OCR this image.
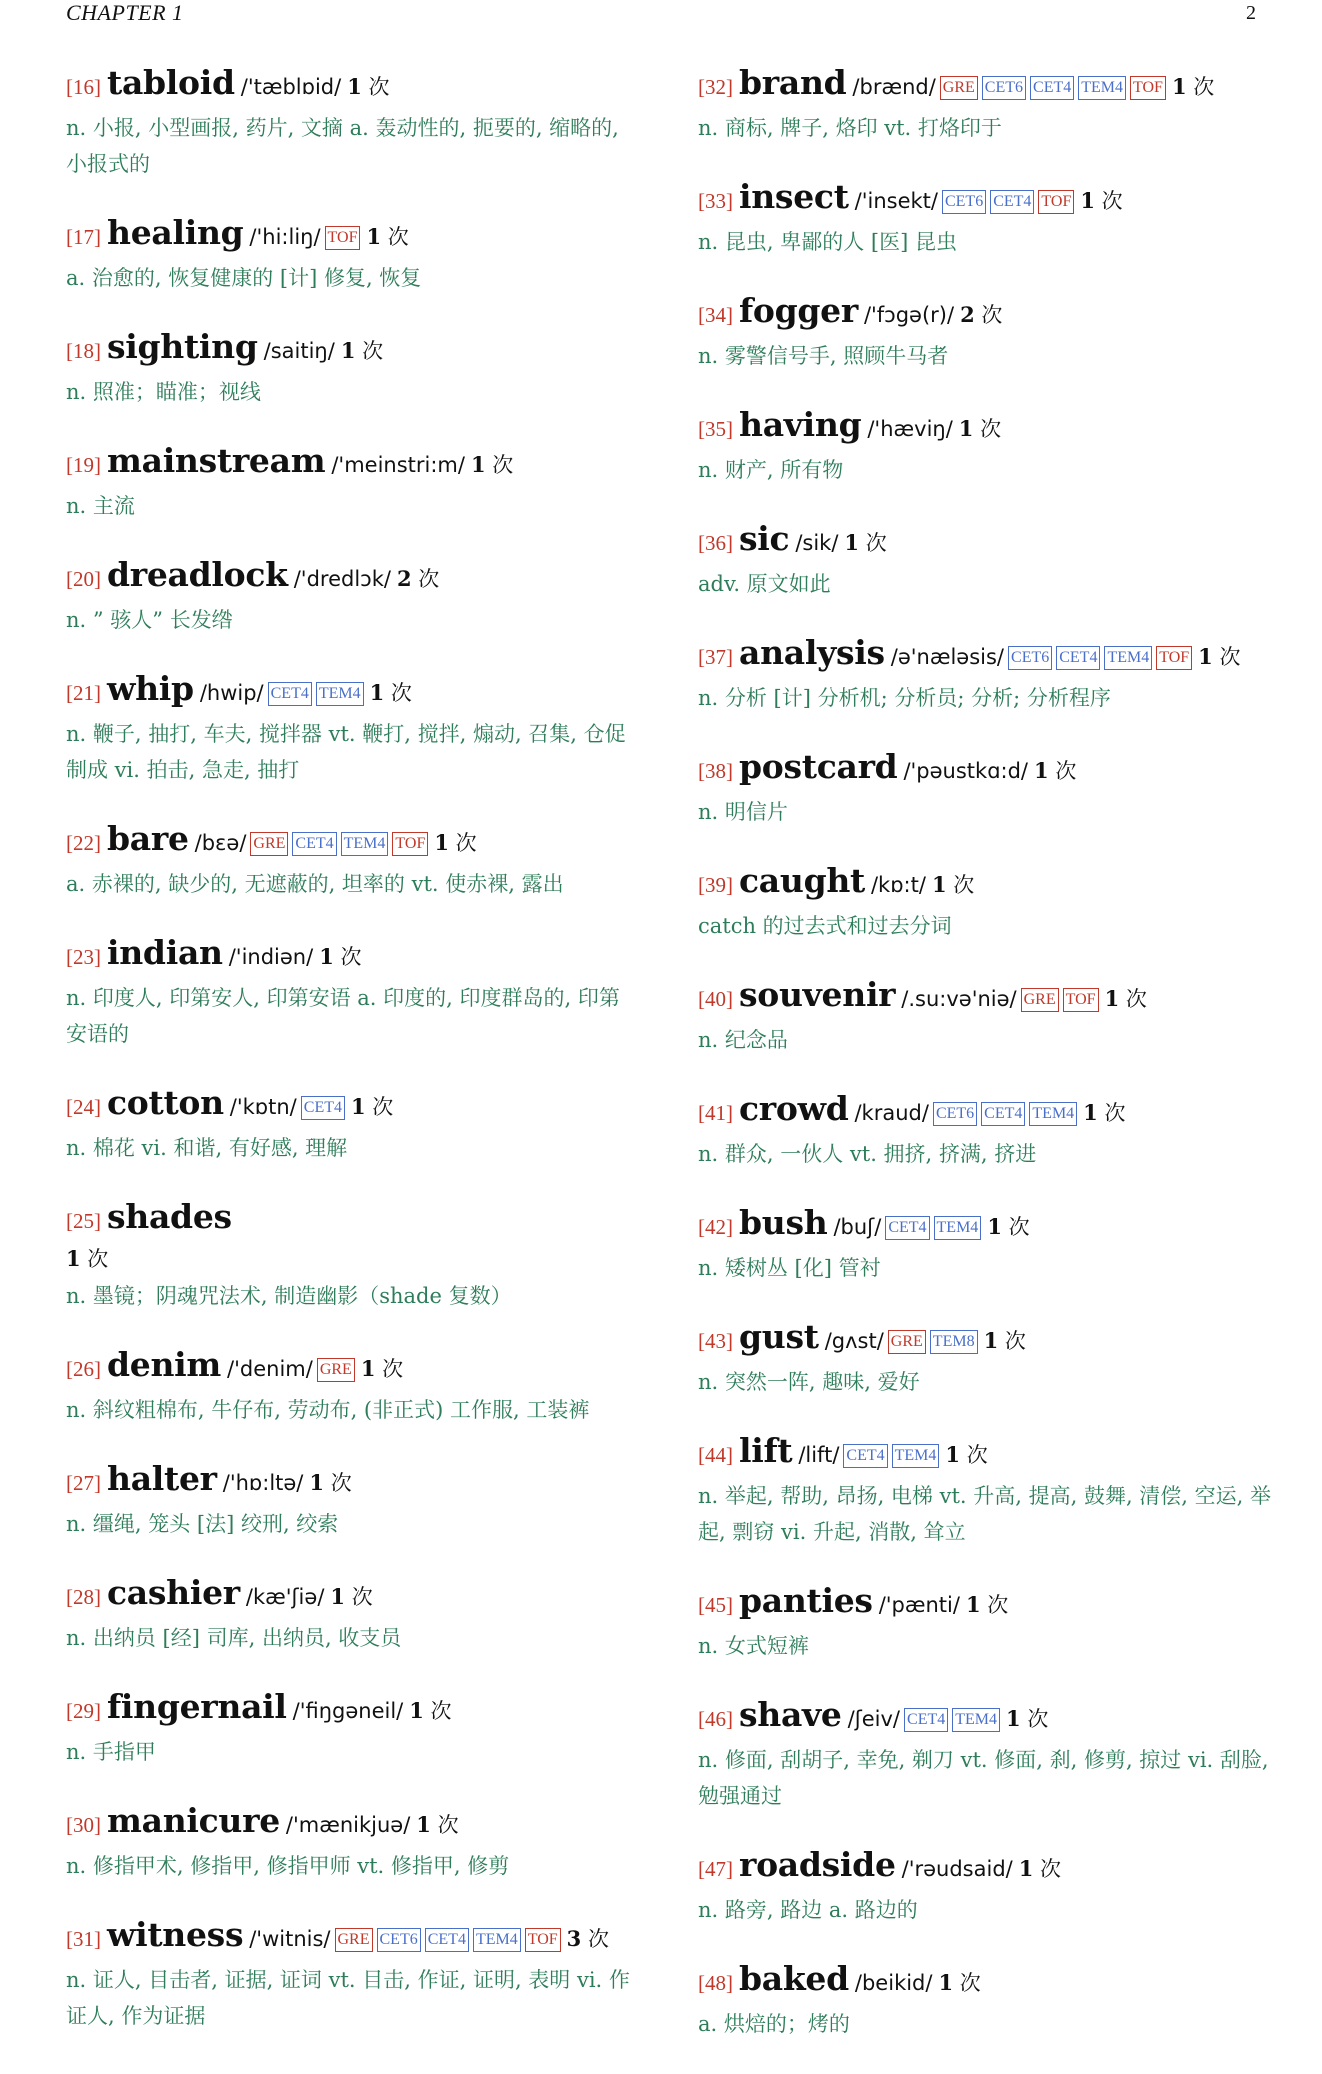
CHAPTER 1	2
[16] tabloid /'tæblɒid/ 1 次
n. 小报, 小型画报, 药片, 文摘 a. 轰动性的, 扼要的, 缩略的, 小报式的
[17] healing /'hi:liŋ/ TOF 1 次
a. 治愈的, 恢复健康的 [计] 修复, 恢复
[18] sighting /saitiŋ/ 1 次
n. 照准；瞄准；视线
[19] mainstream /'meinstri:m/ 1 次
n. 主流
[20] dreadlock /'dredlɔk/ 2 次
n. ” 骇人” 长发绺
[21] whip /hwip/ CET4 TEM4 1 次
n. 鞭子, 抽打, 车夫, 搅拌器 vt. 鞭打, 搅拌, 煽动, 召集, 仓促制成 vi. 拍击, 急走, 抽打
[22] bare /bɛə/ GRE CET4 TEM4 TOF 1 次
a. 赤裸的, 缺少的, 无遮蔽的, 坦率的 vt. 使赤裸, 露出
[23] indian /'indiən/ 1 次
n. 印度人, 印第安人, 印第安语 a. 印度的, 印度群岛的, 印第安语的
[24] cotton /'kɒtn/ CET4 1 次
n. 棉花 vi. 和谐, 有好感, 理解
[25] shades
1 次
n. 墨镜；阴魂咒法术, 制造幽影（shade 复数）
[26] denim /'denim/ GRE 1 次
n. 斜纹粗棉布, 牛仔布, 劳动布, (非正式) 工作服, 工装裤
[27] halter /'hɒ:ltə/ 1 次
n. 缰绳, 笼头 [法] 绞刑, 绞索
[28] cashier /kæ'ʃiə/ 1 次
n. 出纳员 [经] 司库, 出纳员, 收支员
[29] fingernail /'fiŋgəneil/ 1 次
n. 手指甲
[30] manicure /'mænikjuə/ 1 次
n. 修指甲术, 修指甲, 修指甲师 vt. 修指甲, 修剪
[31] witness /'witnis/ GRE CET6 CET4 TEM4 TOF 3 次
n. 证人, 目击者, 证据, 证词 vt. 目击, 作证, 证明, 表明 vi. 作证人, 作为证据
[32] brand /brænd/ GRE CET6 CET4 TEM4 TOF 1 次
n. 商标, 牌子, 烙印 vt. 打烙印于
[33] insect /'insekt/ CET6 CET4 TOF 1 次
n. 昆虫, 卑鄙的人 [医] 昆虫
[34] fogger /'fɔgə(r)/ 2 次
n. 雾警信号手, 照顾牛马者
[35] having /'hæviŋ/ 1 次
n. 财产, 所有物
[36] sic /sik/ 1 次
adv. 原文如此
[37] analysis /ə'næləsis/ CET6 CET4 TEM4 TOF 1 次
n. 分析 [计] 分析机; 分析员; 分析; 分析程序
[38] postcard /'pəustkɑ:d/ 1 次
n. 明信片
[39] caught /kɒ:t/ 1 次
catch 的过去式和过去分词
[40] souvenir /.su:və'niə/ GRE TOF 1 次
n. 纪念品
[41] crowd /kraud/ CET6 CET4 TEM4 1 次
n. 群众, 一伙人 vt. 拥挤, 挤满, 挤进
[42] bush /buʃ/ CET4 TEM4 1 次
n. 矮树丛 [化] 管衬
[43] gust /gʌst/ GRE TEM8 1 次
n. 突然一阵, 趣味, 爱好
[44] lift /lift/ CET4 TEM4 1 次
n. 举起, 帮助, 昂扬, 电梯 vt. 升高, 提高, 鼓舞, 清偿, 空运, 举起, 剽窃 vi. 升起, 消散, 耸立
[45] panties /'pænti/ 1 次
n. 女式短裤
[46] shave /ʃeiv/ CET4 TEM4 1 次
n. 修面, 刮胡子, 幸免, 剃刀 vt. 修面, 刹, 修剪, 掠过 vi. 刮脸, 勉强通过
[47] roadside /'rəudsaid/ 1 次
n. 路旁, 路边 a. 路边的
[48] baked /beikid/ 1 次
a. 烘焙的；烤的
